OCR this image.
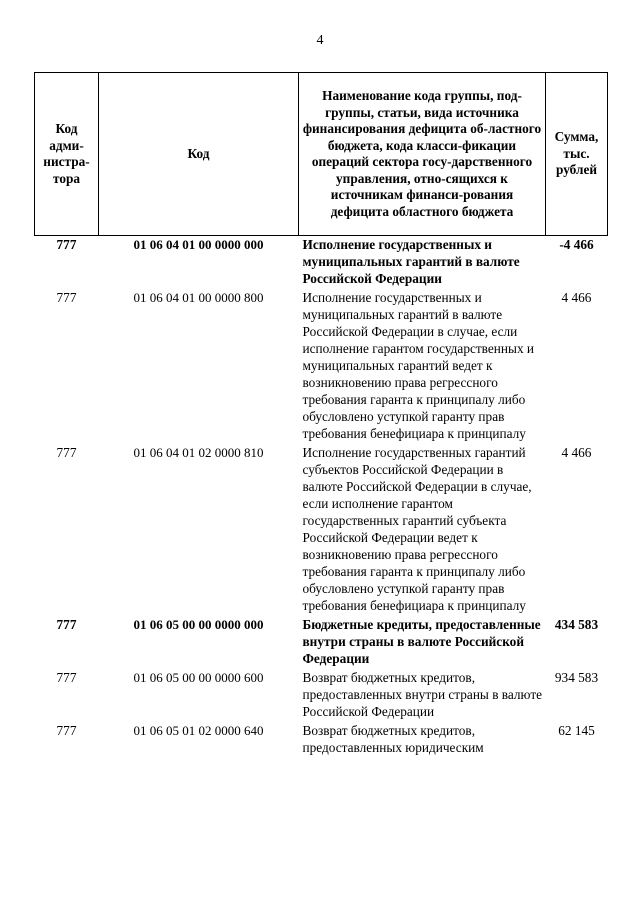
4
Код адми-нистра-тора	Код	Наименование кода группы, под-группы, статьи, вида источника финансирования дефицита об-ластного бюджета, кода класси-фикации операций сектора госу-дарственного управления, отно-сящихся к источникам финанси-рования дефицита областного бюджета	Сумма, тыс. рублей
777	01 06 04 01 00 0000 000	Исполнение государственных и муниципальных гарантий в валюте Российской Федерации	-4 466
777	01 06 04 01 00 0000 800	Исполнение государственных и муниципальных гарантий в валюте Российской Федерации в случае, если исполнение гарантом государственных и муниципальных гарантий ведет к возникновению права регрессного требования гаранта к принципалу либо обусловлено уступкой гаранту прав требования бенефициара к принципалу	4 466
777	01 06 04 01 02 0000 810	Исполнение государственных гарантий субъектов Российской Федерации в валюте Российской Федерации в случае, если исполнение гарантом государственных гарантий субъекта Российской Федерации ведет к возникновению права регрессного требования гаранта к принципалу либо обусловлено уступкой гаранту прав требования бенефициара к принципалу	4 466
777	01 06 05 00 00 0000 000	Бюджетные кредиты, предоставленные внутри страны в валюте Российской Федерации	434 583
777	01 06 05 00 00 0000 600	Возврат бюджетных кредитов, предоставленных внутри страны в валюте Российской Федерации	934 583
777	01 06 05 01 02 0000 640	Возврат бюджетных кредитов, предоставленных юридическим	62 145
